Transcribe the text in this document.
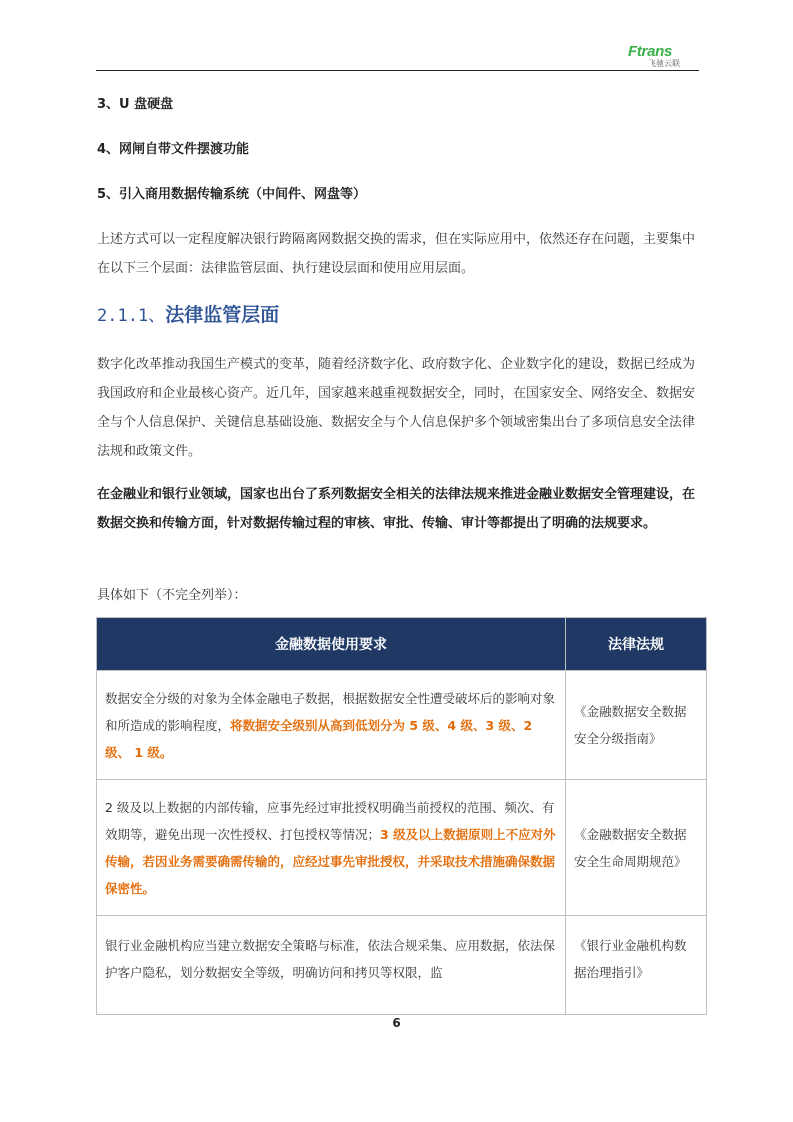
Ftrans
飞驰云联
3、U 盘硬盘
4、网闸自带文件摆渡功能
5、引入商用数据传输系统（中间件、网盘等）
上述方式可以一定程度解决银行跨隔离网数据交换的需求，但在实际应用中，依然还存在问题，主要集中在以下三个层面：法律监管层面、执行建设层面和使用应用层面。
2.1.1、法律监管层面
数字化改革推动我国生产模式的变革，随着经济数字化、政府数字化、企业数字化的建设，数据已经成为我国政府和企业最核心资产。近几年，国家越来越重视数据安全，同时，在国家安全、网络安全、数据安全与个人信息保护、关键信息基础设施、数据安全与个人信息保护多个领域密集出台了多项信息安全法律法规和政策文件。
在金融业和银行业领域，国家也出台了系列数据安全相关的法律法规来推进金融业数据安全管理建设，在数据交换和传输方面，针对数据传输过程的审核、审批、传输、审计等都提出了明确的法规要求。
具体如下（不完全列举）：
金融数据使用要求	法律法规

数据安全分级的对象为全体金融电子数据，根据数据安全性遭受破坏后的影响对象和所造成的影响程度，将数据安全级别从高到低划分为 5 级、4 级、3 级、2 级、 1 级。	《金融数据安全数据安全分级指南》

2 级及以上数据的内部传输，应事先经过审批授权明确当前授权的范围、频次、有效期等，避免出现一次性授权、打包授权等情况；3 级及以上数据原则上不应对外传输，若因业务需要确需传输的，应经过事先审批授权，并采取技术措施确保数据保密性。	《金融数据安全数据安全生命周期规范》

银行业金融机构应当建立数据安全策略与标准，依法合规采集、应用数据，依法保护客户隐私，划分数据安全等级，明确访问和拷贝等权限，监	《银行业金融机构数据治理指引》
6
